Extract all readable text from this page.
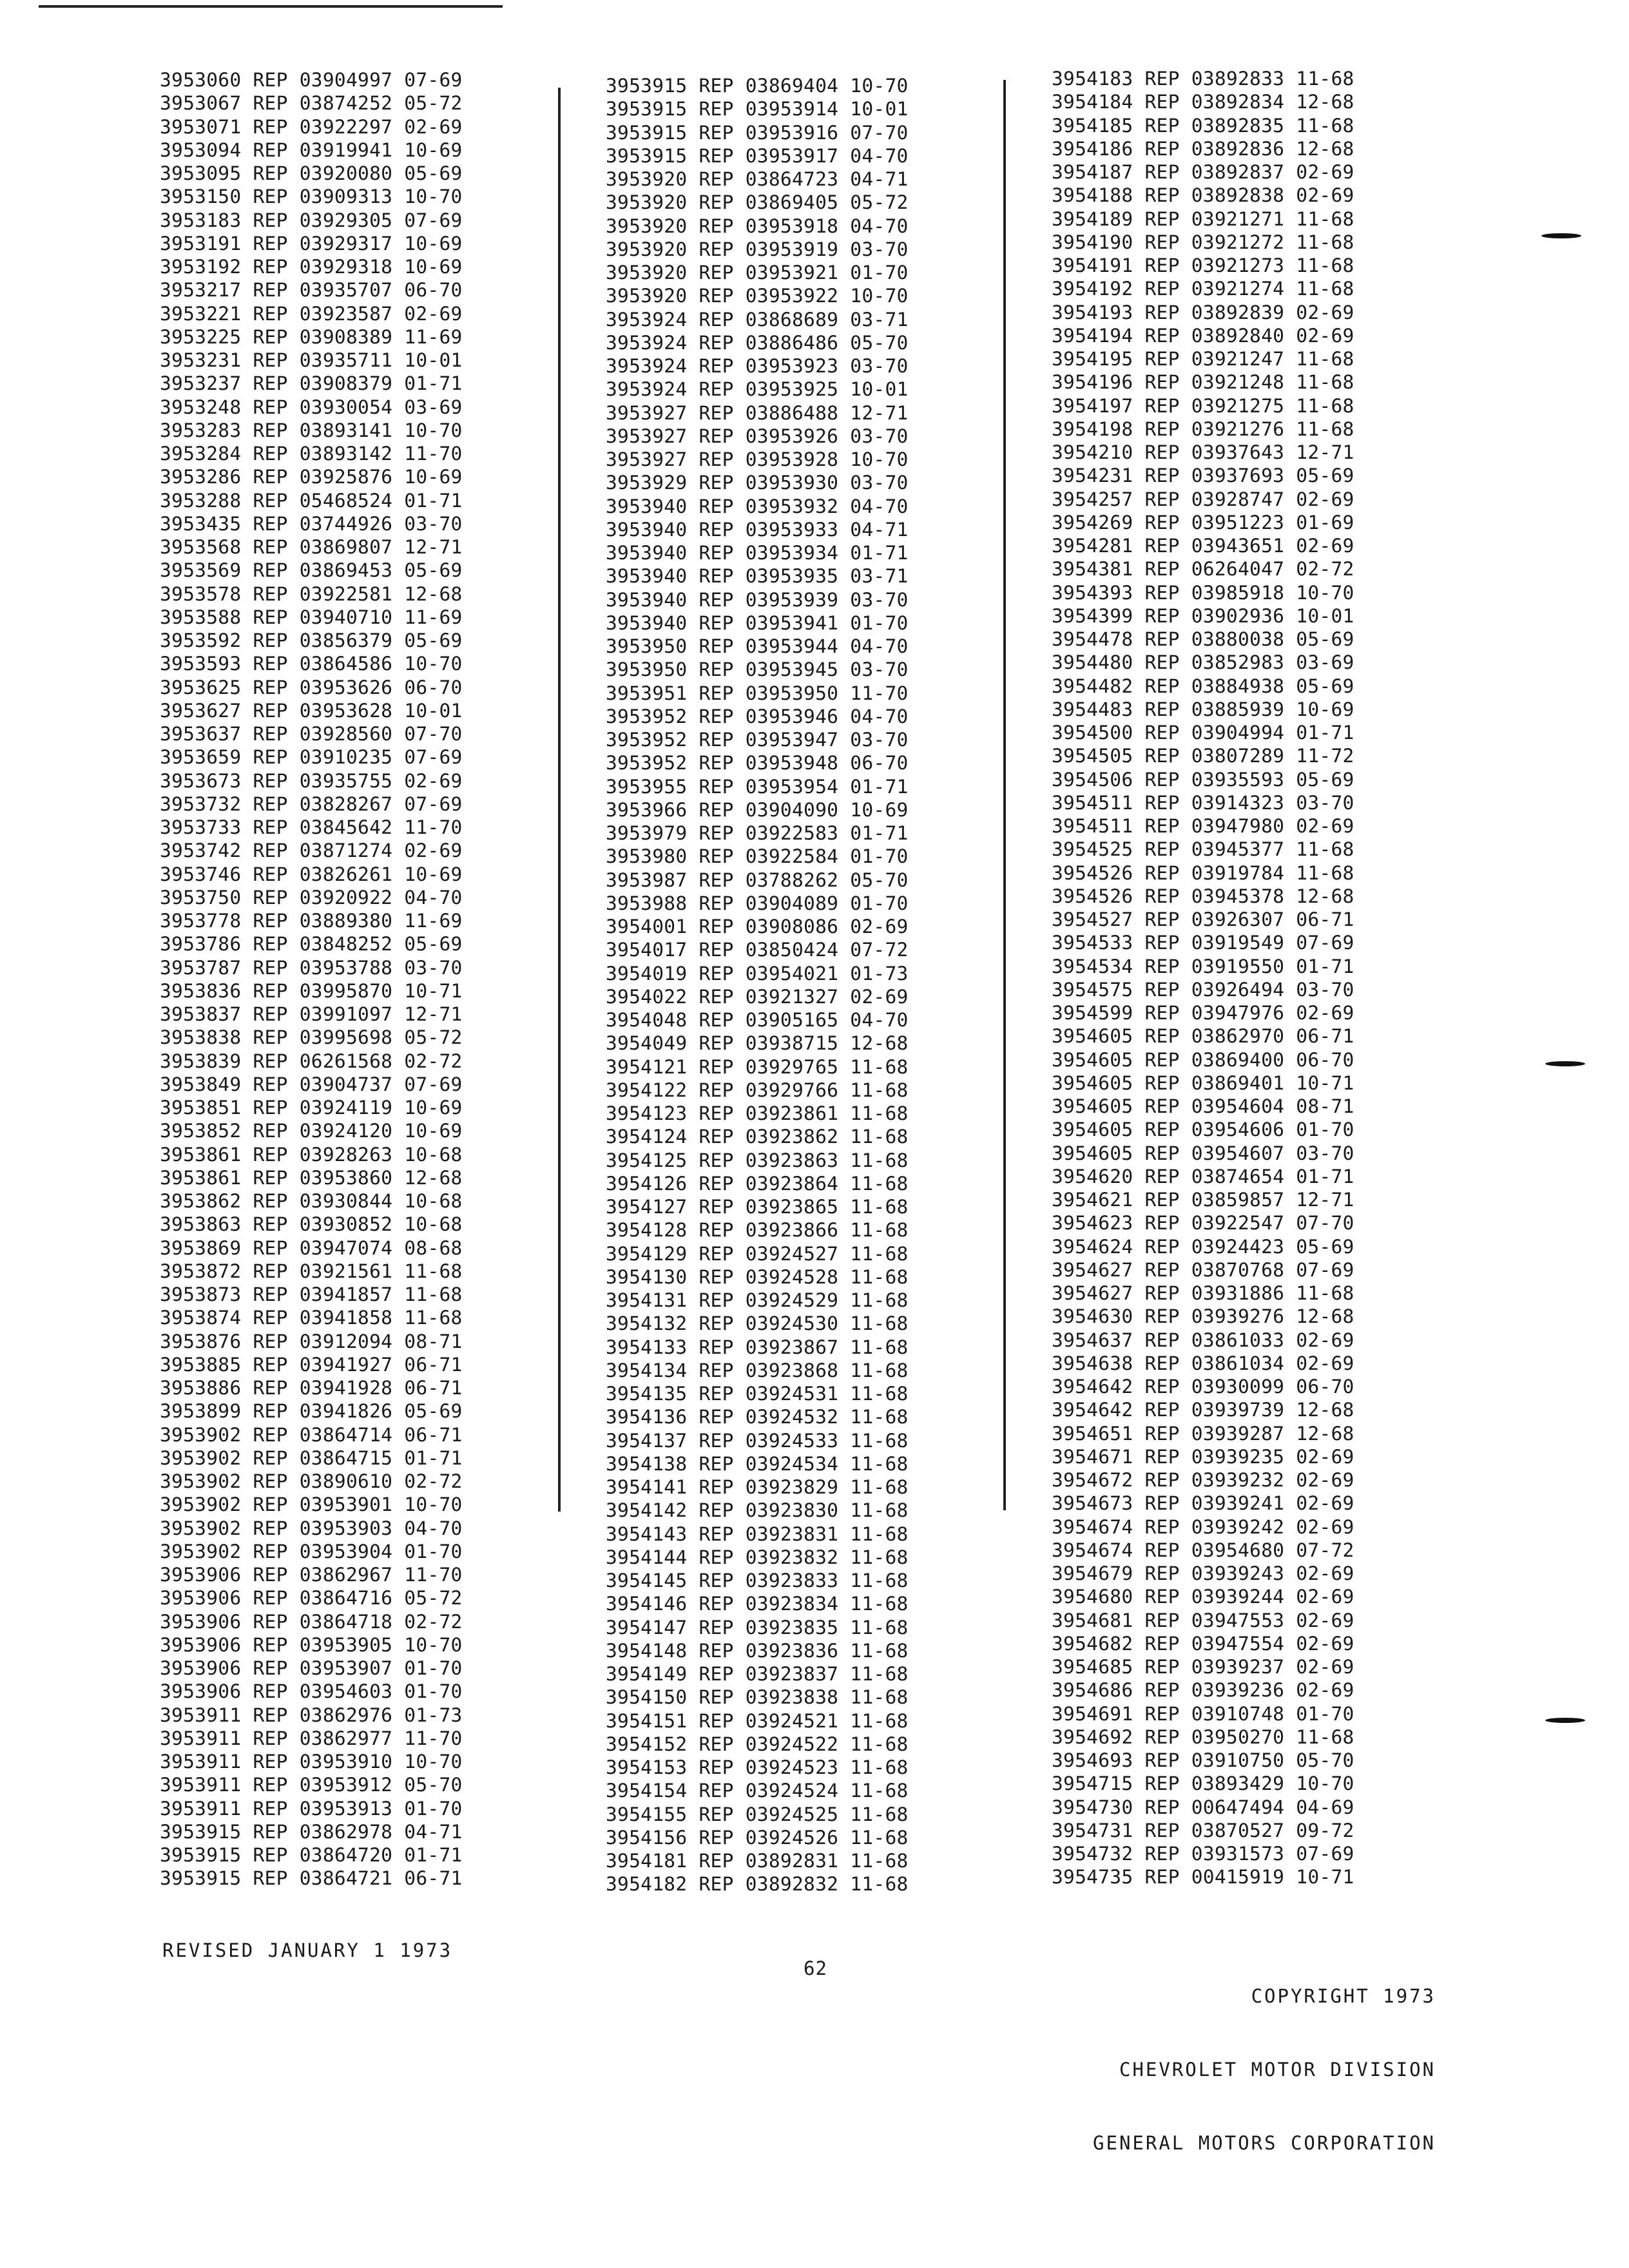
3953060 REP 03904997 07-69
3953067 REP 03874252 05-72
3953071 REP 03922297 02-69
3953094 REP 03919941 10-69
3953095 REP 03920080 05-69
3953150 REP 03909313 10-70
3953183 REP 03929305 07-69
3953191 REP 03929317 10-69
3953192 REP 03929318 10-69
3953217 REP 03935707 06-70
3953221 REP 03923587 02-69
3953225 REP 03908389 11-69
3953231 REP 03935711 10-01
3953237 REP 03908379 01-71
3953248 REP 03930054 03-69
3953283 REP 03893141 10-70
3953284 REP 03893142 11-70
3953286 REP 03925876 10-69
3953288 REP 05468524 01-71
3953435 REP 03744926 03-70
3953568 REP 03869807 12-71
3953569 REP 03869453 05-69
3953578 REP 03922581 12-68
3953588 REP 03940710 11-69
3953592 REP 03856379 05-69
3953593 REP 03864586 10-70
3953625 REP 03953626 06-70
3953627 REP 03953628 10-01
3953637 REP 03928560 07-70
3953659 REP 03910235 07-69
3953673 REP 03935755 02-69
3953732 REP 03828267 07-69
3953733 REP 03845642 11-70
3953742 REP 03871274 02-69
3953746 REP 03826261 10-69
3953750 REP 03920922 04-70
3953778 REP 03889380 11-69
3953786 REP 03848252 05-69
3953787 REP 03953788 03-70
3953836 REP 03995870 10-71
3953837 REP 03991097 12-71
3953838 REP 03995698 05-72
3953839 REP 06261568 02-72
3953849 REP 03904737 07-69
3953851 REP 03924119 10-69
3953852 REP 03924120 10-69
3953861 REP 03928263 10-68
3953861 REP 03953860 12-68
3953862 REP 03930844 10-68
3953863 REP 03930852 10-68
3953869 REP 03947074 08-68
3953872 REP 03921561 11-68
3953873 REP 03941857 11-68
3953874 REP 03941858 11-68
3953876 REP 03912094 08-71
3953885 REP 03941927 06-71
3953886 REP 03941928 06-71
3953899 REP 03941826 05-69
3953902 REP 03864714 06-71
3953902 REP 03864715 01-71
3953902 REP 03890610 02-72
3953902 REP 03953901 10-70
3953902 REP 03953903 04-70
3953902 REP 03953904 01-70
3953906 REP 03862967 11-70
3953906 REP 03864716 05-72
3953906 REP 03864718 02-72
3953906 REP 03953905 10-70
3953906 REP 03953907 01-70
3953906 REP 03954603 01-70
3953911 REP 03862976 01-73
3953911 REP 03862977 11-70
3953911 REP 03953910 10-70
3953911 REP 03953912 05-70
3953911 REP 03953913 01-70
3953915 REP 03862978 04-71
3953915 REP 03864720 01-71
3953915 REP 03864721 06-71
3953915 REP 03869404 10-70
3953915 REP 03953914 10-01
3953915 REP 03953916 07-70
3953915 REP 03953917 04-70
3953920 REP 03864723 04-71
3953920 REP 03869405 05-72
3953920 REP 03953918 04-70
3953920 REP 03953919 03-70
3953920 REP 03953921 01-70
3953920 REP 03953922 10-70
3953924 REP 03868689 03-71
3953924 REP 03886486 05-70
3953924 REP 03953923 03-70
3953924 REP 03953925 10-01
3953927 REP 03886488 12-71
3953927 REP 03953926 03-70
3953927 REP 03953928 10-70
3953929 REP 03953930 03-70
3953940 REP 03953932 04-70
3953940 REP 03953933 04-71
3953940 REP 03953934 01-71
3953940 REP 03953935 03-71
3953940 REP 03953939 03-70
3953940 REP 03953941 01-70
3953950 REP 03953944 04-70
3953950 REP 03953945 03-70
3953951 REP 03953950 11-70
3953952 REP 03953946 04-70
3953952 REP 03953947 03-70
3953952 REP 03953948 06-70
3953955 REP 03953954 01-71
3953966 REP 03904090 10-69
3953979 REP 03922583 01-71
3953980 REP 03922584 01-70
3953987 REP 03788262 05-70
3953988 REP 03904089 01-70
3954001 REP 03908086 02-69
3954017 REP 03850424 07-72
3954019 REP 03954021 01-73
3954022 REP 03921327 02-69
3954048 REP 03905165 04-70
3954049 REP 03938715 12-68
3954121 REP 03929765 11-68
3954122 REP 03929766 11-68
3954123 REP 03923861 11-68
3954124 REP 03923862 11-68
3954125 REP 03923863 11-68
3954126 REP 03923864 11-68
3954127 REP 03923865 11-68
3954128 REP 03923866 11-68
3954129 REP 03924527 11-68
3954130 REP 03924528 11-68
3954131 REP 03924529 11-68
3954132 REP 03924530 11-68
3954133 REP 03923867 11-68
3954134 REP 03923868 11-68
3954135 REP 03924531 11-68
3954136 REP 03924532 11-68
3954137 REP 03924533 11-68
3954138 REP 03924534 11-68
3954141 REP 03923829 11-68
3954142 REP 03923830 11-68
3954143 REP 03923831 11-68
3954144 REP 03923832 11-68
3954145 REP 03923833 11-68
3954146 REP 03923834 11-68
3954147 REP 03923835 11-68
3954148 REP 03923836 11-68
3954149 REP 03923837 11-68
3954150 REP 03923838 11-68
3954151 REP 03924521 11-68
3954152 REP 03924522 11-68
3954153 REP 03924523 11-68
3954154 REP 03924524 11-68
3954155 REP 03924525 11-68
3954156 REP 03924526 11-68
3954181 REP 03892831 11-68
3954182 REP 03892832 11-68
3954183 REP 03892833 11-68
3954184 REP 03892834 12-68
3954185 REP 03892835 11-68
3954186 REP 03892836 12-68
3954187 REP 03892837 02-69
3954188 REP 03892838 02-69
3954189 REP 03921271 11-68
3954190 REP 03921272 11-68
3954191 REP 03921273 11-68
3954192 REP 03921274 11-68
3954193 REP 03892839 02-69
3954194 REP 03892840 02-69
3954195 REP 03921247 11-68
3954196 REP 03921248 11-68
3954197 REP 03921275 11-68
3954198 REP 03921276 11-68
3954210 REP 03937643 12-71
3954231 REP 03937693 05-69
3954257 REP 03928747 02-69
3954269 REP 03951223 01-69
3954281 REP 03943651 02-69
3954381 REP 06264047 02-72
3954393 REP 03985918 10-70
3954399 REP 03902936 10-01
3954478 REP 03880038 05-69
3954480 REP 03852983 03-69
3954482 REP 03884938 05-69
3954483 REP 03885939 10-69
3954500 REP 03904994 01-71
3954505 REP 03807289 11-72
3954506 REP 03935593 05-69
3954511 REP 03914323 03-70
3954511 REP 03947980 02-69
3954525 REP 03945377 11-68
3954526 REP 03919784 11-68
3954526 REP 03945378 12-68
3954527 REP 03926307 06-71
3954533 REP 03919549 07-69
3954534 REP 03919550 01-71
3954575 REP 03926494 03-70
3954599 REP 03947976 02-69
3954605 REP 03862970 06-71
3954605 REP 03869400 06-70
3954605 REP 03869401 10-71
3954605 REP 03954604 08-71
3954605 REP 03954606 01-70
3954605 REP 03954607 03-70
3954620 REP 03874654 01-71
3954621 REP 03859857 12-71
3954623 REP 03922547 07-70
3954624 REP 03924423 05-69
3954627 REP 03870768 07-69
3954627 REP 03931886 11-68
3954630 REP 03939276 12-68
3954637 REP 03861033 02-69
3954638 REP 03861034 02-69
3954642 REP 03930099 06-70
3954642 REP 03939739 12-68
3954651 REP 03939287 12-68
3954671 REP 03939235 02-69
3954672 REP 03939232 02-69
3954673 REP 03939241 02-69
3954674 REP 03939242 02-69
3954674 REP 03954680 07-72
3954679 REP 03939243 02-69
3954680 REP 03939244 02-69
3954681 REP 03947553 02-69
3954682 REP 03947554 02-69
3954685 REP 03939237 02-69
3954686 REP 03939236 02-69
3954691 REP 03910748 01-70
3954692 REP 03950270 11-68
3954693 REP 03910750 05-70
3954715 REP 03893429 10-70
3954730 REP 00647494 04-69
3954731 REP 03870527 09-72
3954732 REP 03931573 07-69
3954735 REP 00415919 10-71
REVISED JANUARY 1 1973
62

COPYRIGHT 1973

CHEVROLET MOTOR DIVISION

GENERAL MOTORS CORPORATION
